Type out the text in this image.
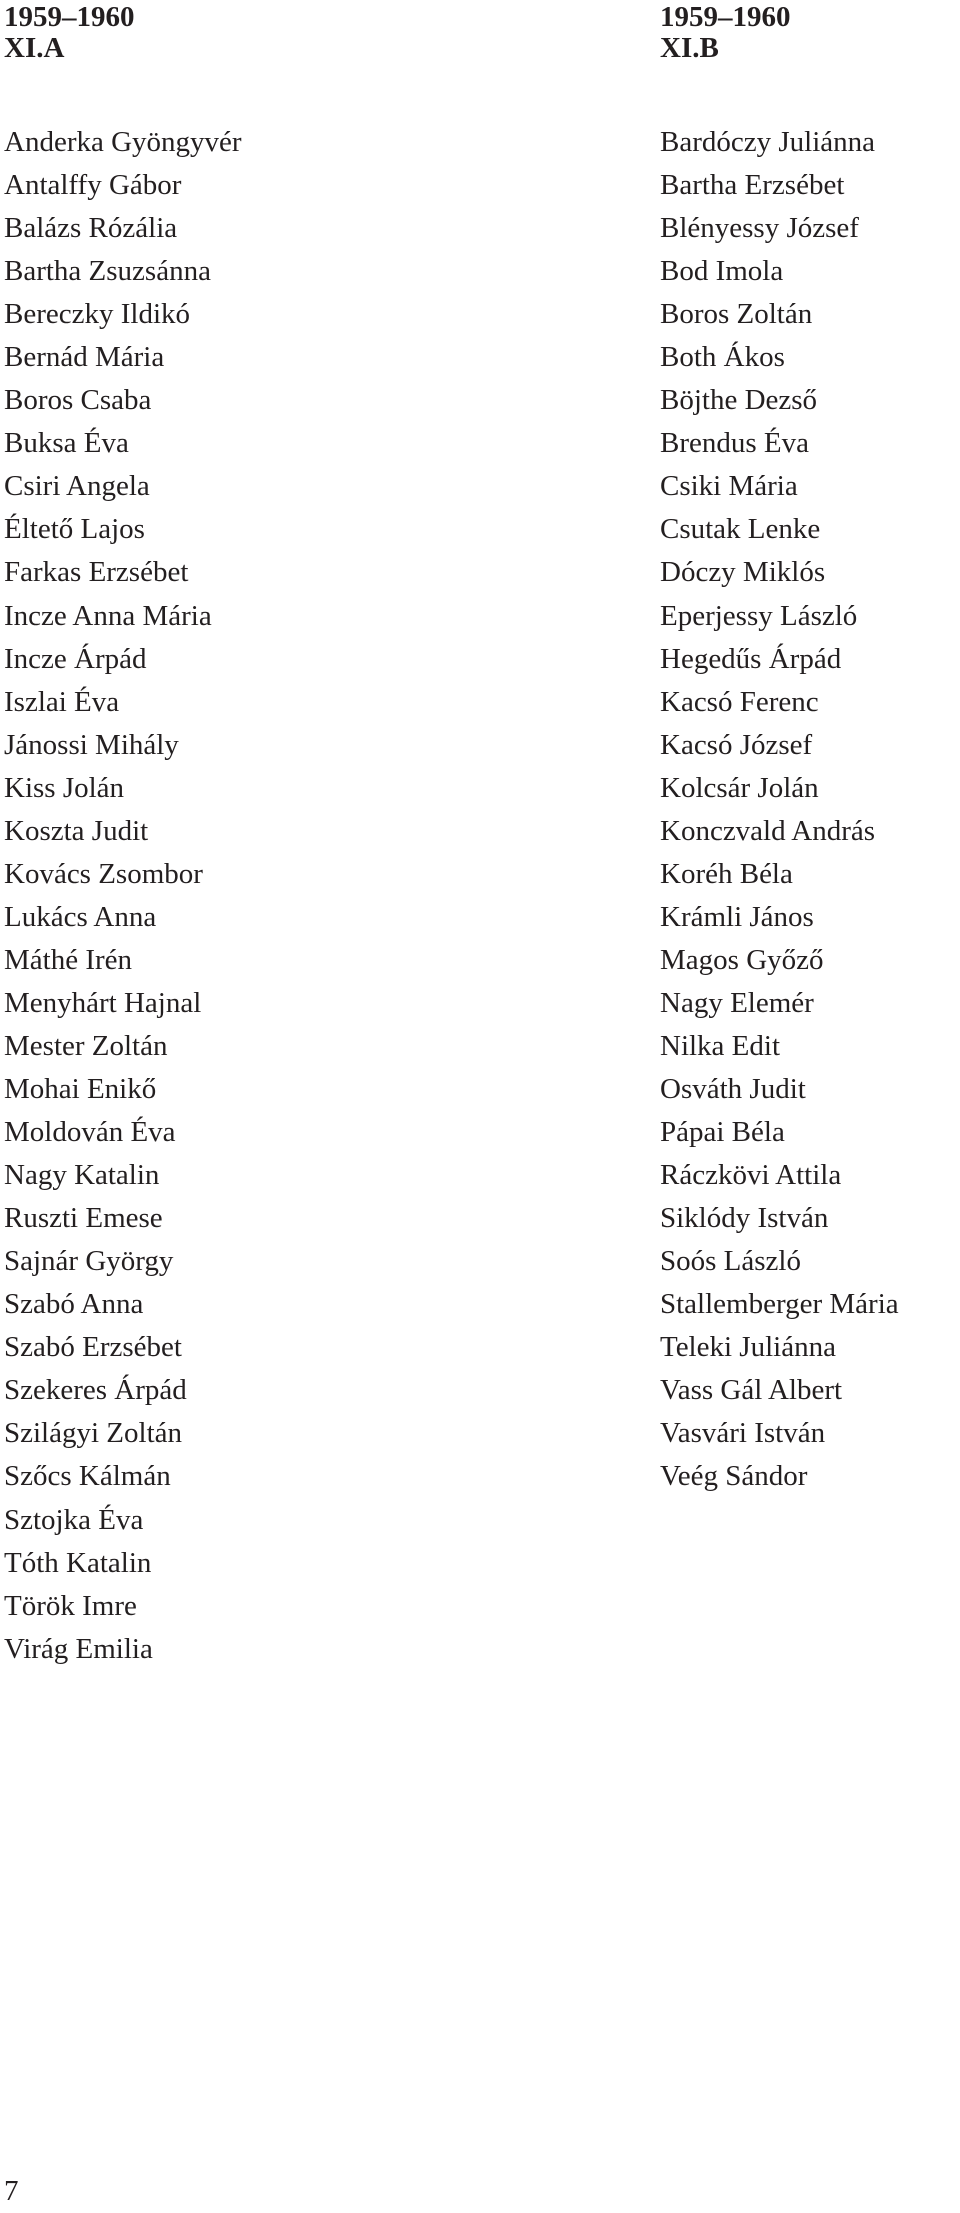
1959–1960
XI.A
Anderka Gyöngyvér
Antalffy Gábor
Balázs Rózália
Bartha Zsuzsánna
Bereczky Ildikó
Bernád Mária
Boros Csaba
Buksa Éva
Csiri Angela
Éltető Lajos
Farkas Erzsébet
Incze Anna Mária
Incze Árpád
Iszlai Éva
Jánossi Mihály
Kiss Jolán
Koszta Judit
Kovács Zsombor
Lukács Anna
Máthé Irén
Menyhárt Hajnal
Mester Zoltán
Mohai Enikő
Moldován Éva
Nagy Katalin
Ruszti Emese
Sajnár György
Szabó Anna
Szabó Erzsébet
Szekeres Árpád
Szilágyi Zoltán
Szőcs Kálmán
Sztojka Éva
Tóth Katalin
Török Imre
Virág Emilia
1959–1960
XI.B
Bardóczy Juliánna
Bartha Erzsébet
Blényessy József
Bod Imola
Boros Zoltán
Both Ákos
Böjthe Dezső
Brendus Éva
Csiki Mária
Csutak Lenke
Dóczy Miklós
Eperjessy László
Hegedűs Árpád
Kacsó Ferenc
Kacsó József
Kolcsár Jolán
Konczvald András
Koréh Béla
Krámli János
Magos Győző
Nagy Elemér
Nilka Edit
Osváth Judit
Pápai Béla
Ráczkövi Attila
Siklódy István
Soós László
Stallemberger Mária
Teleki Juliánna
Vass Gál Albert
Vasvári István
Veég Sándor
7
